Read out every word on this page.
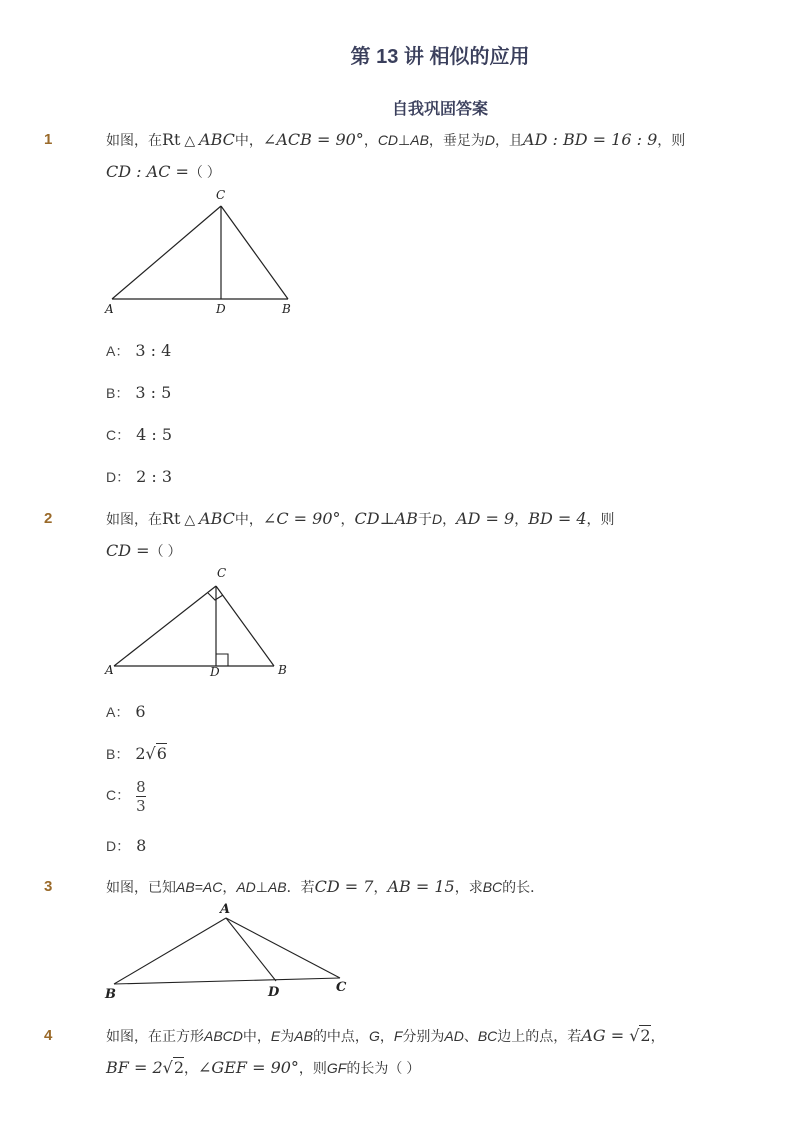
第 13 讲 相似的应用
自我巩固答案
1	如图，在Rt △ ABC中，∠ACB = 90°，CD⊥AB，垂足为D，且AD : BD = 16 : 9，则
CD : AC =（ ）
C
A	D	B
A： 3 : 4
B： 3 : 5
C： 4 : 5
D： 2 : 3
2	如图，在Rt △ ABC中，∠C = 90°，CD⊥AB于D，AD = 9，BD = 4，则
CD =（ ）
C
A	D	B
A： 6
B： 2√6
C： $\frac{8}{3}$
D： 8
3	如图，已知AB=AC，AD⊥AB．若CD = 7，AB = 15，求BC的长．
A
B	D	C
4	如图，在正方形ABCD中，E为AB的中点，G，F分别为AD、BC边上的点，若AG = √2，
BF = 2√2，∠GEF = 90°，则GF的长为（ ）
